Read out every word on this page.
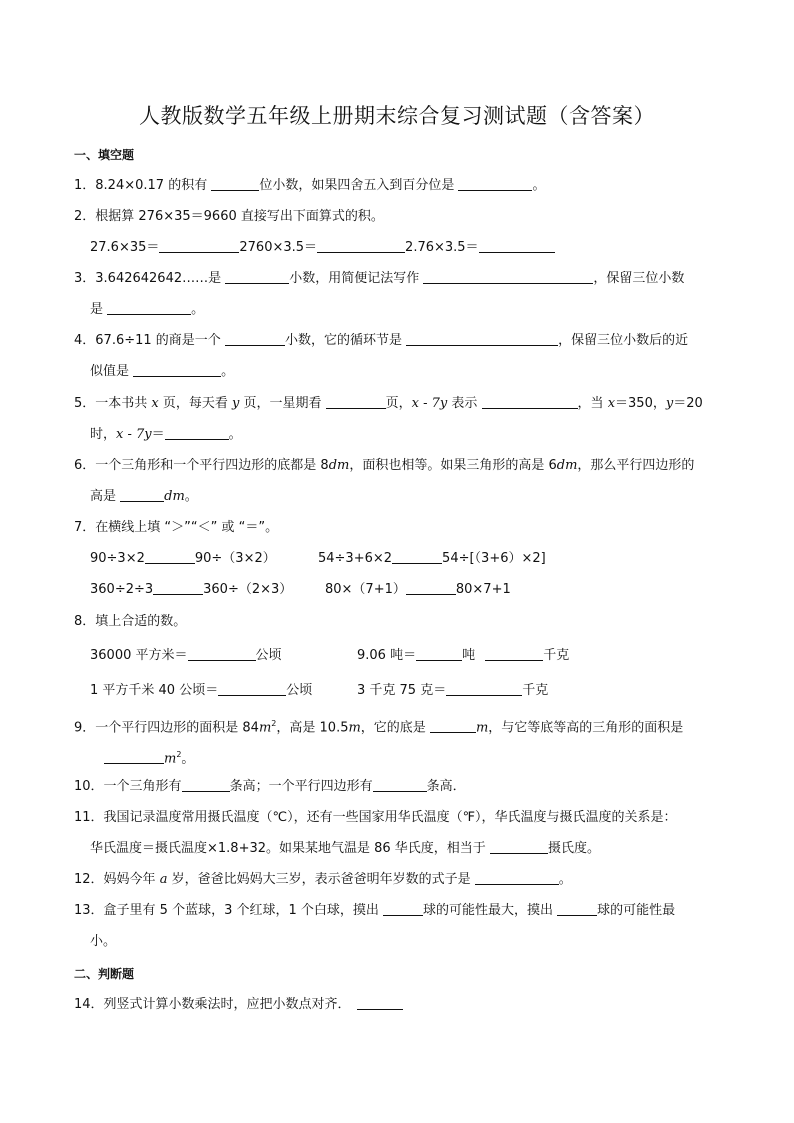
人教版数学五年级上册期末综合复习测试题（含答案）
一、填空题
1．8.24×0.17 的积有	位小数，如果四舍五入到百分位是	。
2．根据算 276×35＝9660 直接写出下面算式的积。
27.6×35＝	2760×3.5＝	2.76×3.5＝
3．3.642642642……是	小数，用简便记法写作	，保留三位小数
是	。
4．67.6÷11 的商是一个	小数，它的循环节是	，保留三位小数后的近
似值是	。
5．一本书共 x 页，每天看 y 页，一星期看	页，x - 7y 表示	，当 x＝350，y＝20
时，x - 7y＝	。
6．一个三角形和一个平行四边形的底都是 8dm，面积也相等。如果三角形的高是 6dm，那么平行四边形的
高是	dm。
7．在横线上填 “＞”“＜” 或 “＝”。
90÷3×2	90÷（3×2）	54÷3+6×2	54÷[（3+6）×2]
360÷2÷3	360÷（2×3）	80×（7+1）	80×7+1
8．填上合适的数。
36000 平方米＝	公顷	9.06 吨＝	吨	千克
1 平方千米 40 公顷＝	公顷	3 千克 75 克＝	千克
9．一个平行四边形的面积是 $84m^2$，高是 10.5m，它的底是	m，与它等底等高的三角形的面积是
$m^2$。
10．一个三角形有	条高；一个平行四边形有	条高．
11．我国记录温度常用摄氏温度（℃），还有一些国家用华氏温度（℉），华氏温度与摄氏温度的关系是：
华氏温度＝摄氏温度×1.8+32。如果某地气温是 86 华氏度，相当于	摄氏度。
12．妈妈今年 a 岁，爸爸比妈妈大三岁，表示爸爸明年岁数的式子是	。
13．盒子里有 5 个蓝球，3 个红球，1 个白球，摸出	球的可能性最大，摸出	球的可能性最
小。
二、判断题
14．列竖式计算小数乘法时，应把小数点对齐．
